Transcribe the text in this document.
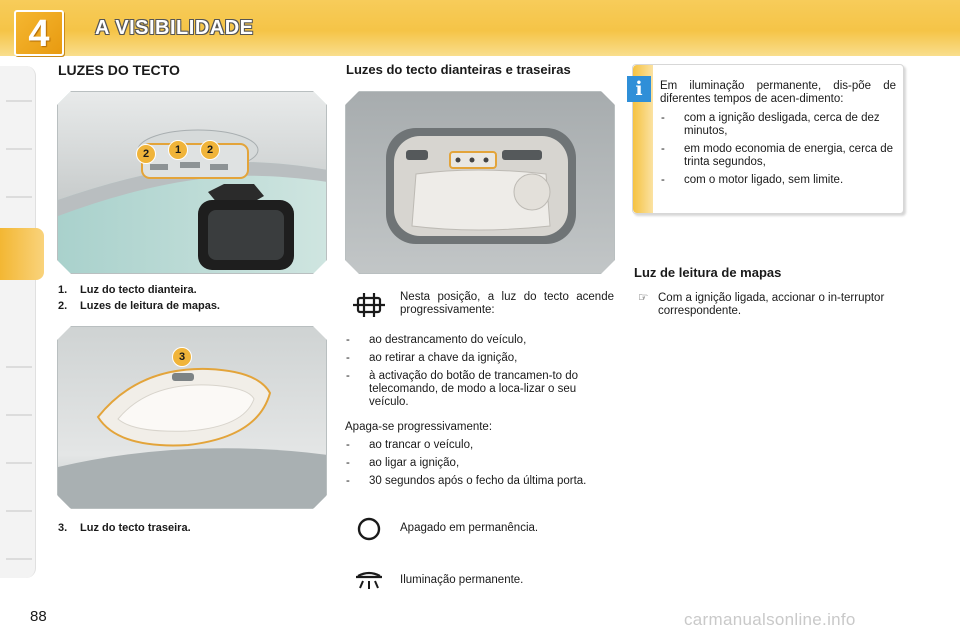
4	A VISIBILIDADE
LUZES DO TECTO
2	1	2
1. Luz do tecto dianteira.
2. Luzes de leitura de mapas.
3
3. Luz do tecto traseira.
Luzes do tecto dianteiras e traseiras
Nesta posição, a luz do tecto acende progressivamente:
- ao destrancamento do veículo,
- ao retirar a chave da ignição,
- à activação do botão de trancamen-to do telecomando, de modo a loca-lizar o seu veículo.
Apaga-se progressivamente:
- ao trancar o veículo,
- ao ligar a ignição,
- 30 segundos após o fecho da última porta.
Apagado em permanência.
Iluminação permanente.
i	Em iluminação permanente, dis-põe de diferentes tempos de acen-dimento:

- com a ignição desligada, cerca de dez minutos,
- em modo economia de energia, cerca de trinta segundos,
- com o motor ligado, sem limite.
Luz de leitura de mapas
☞ Com a ignição ligada, accionar o in-terruptor correspondente.
88	carmanualsonline.info
